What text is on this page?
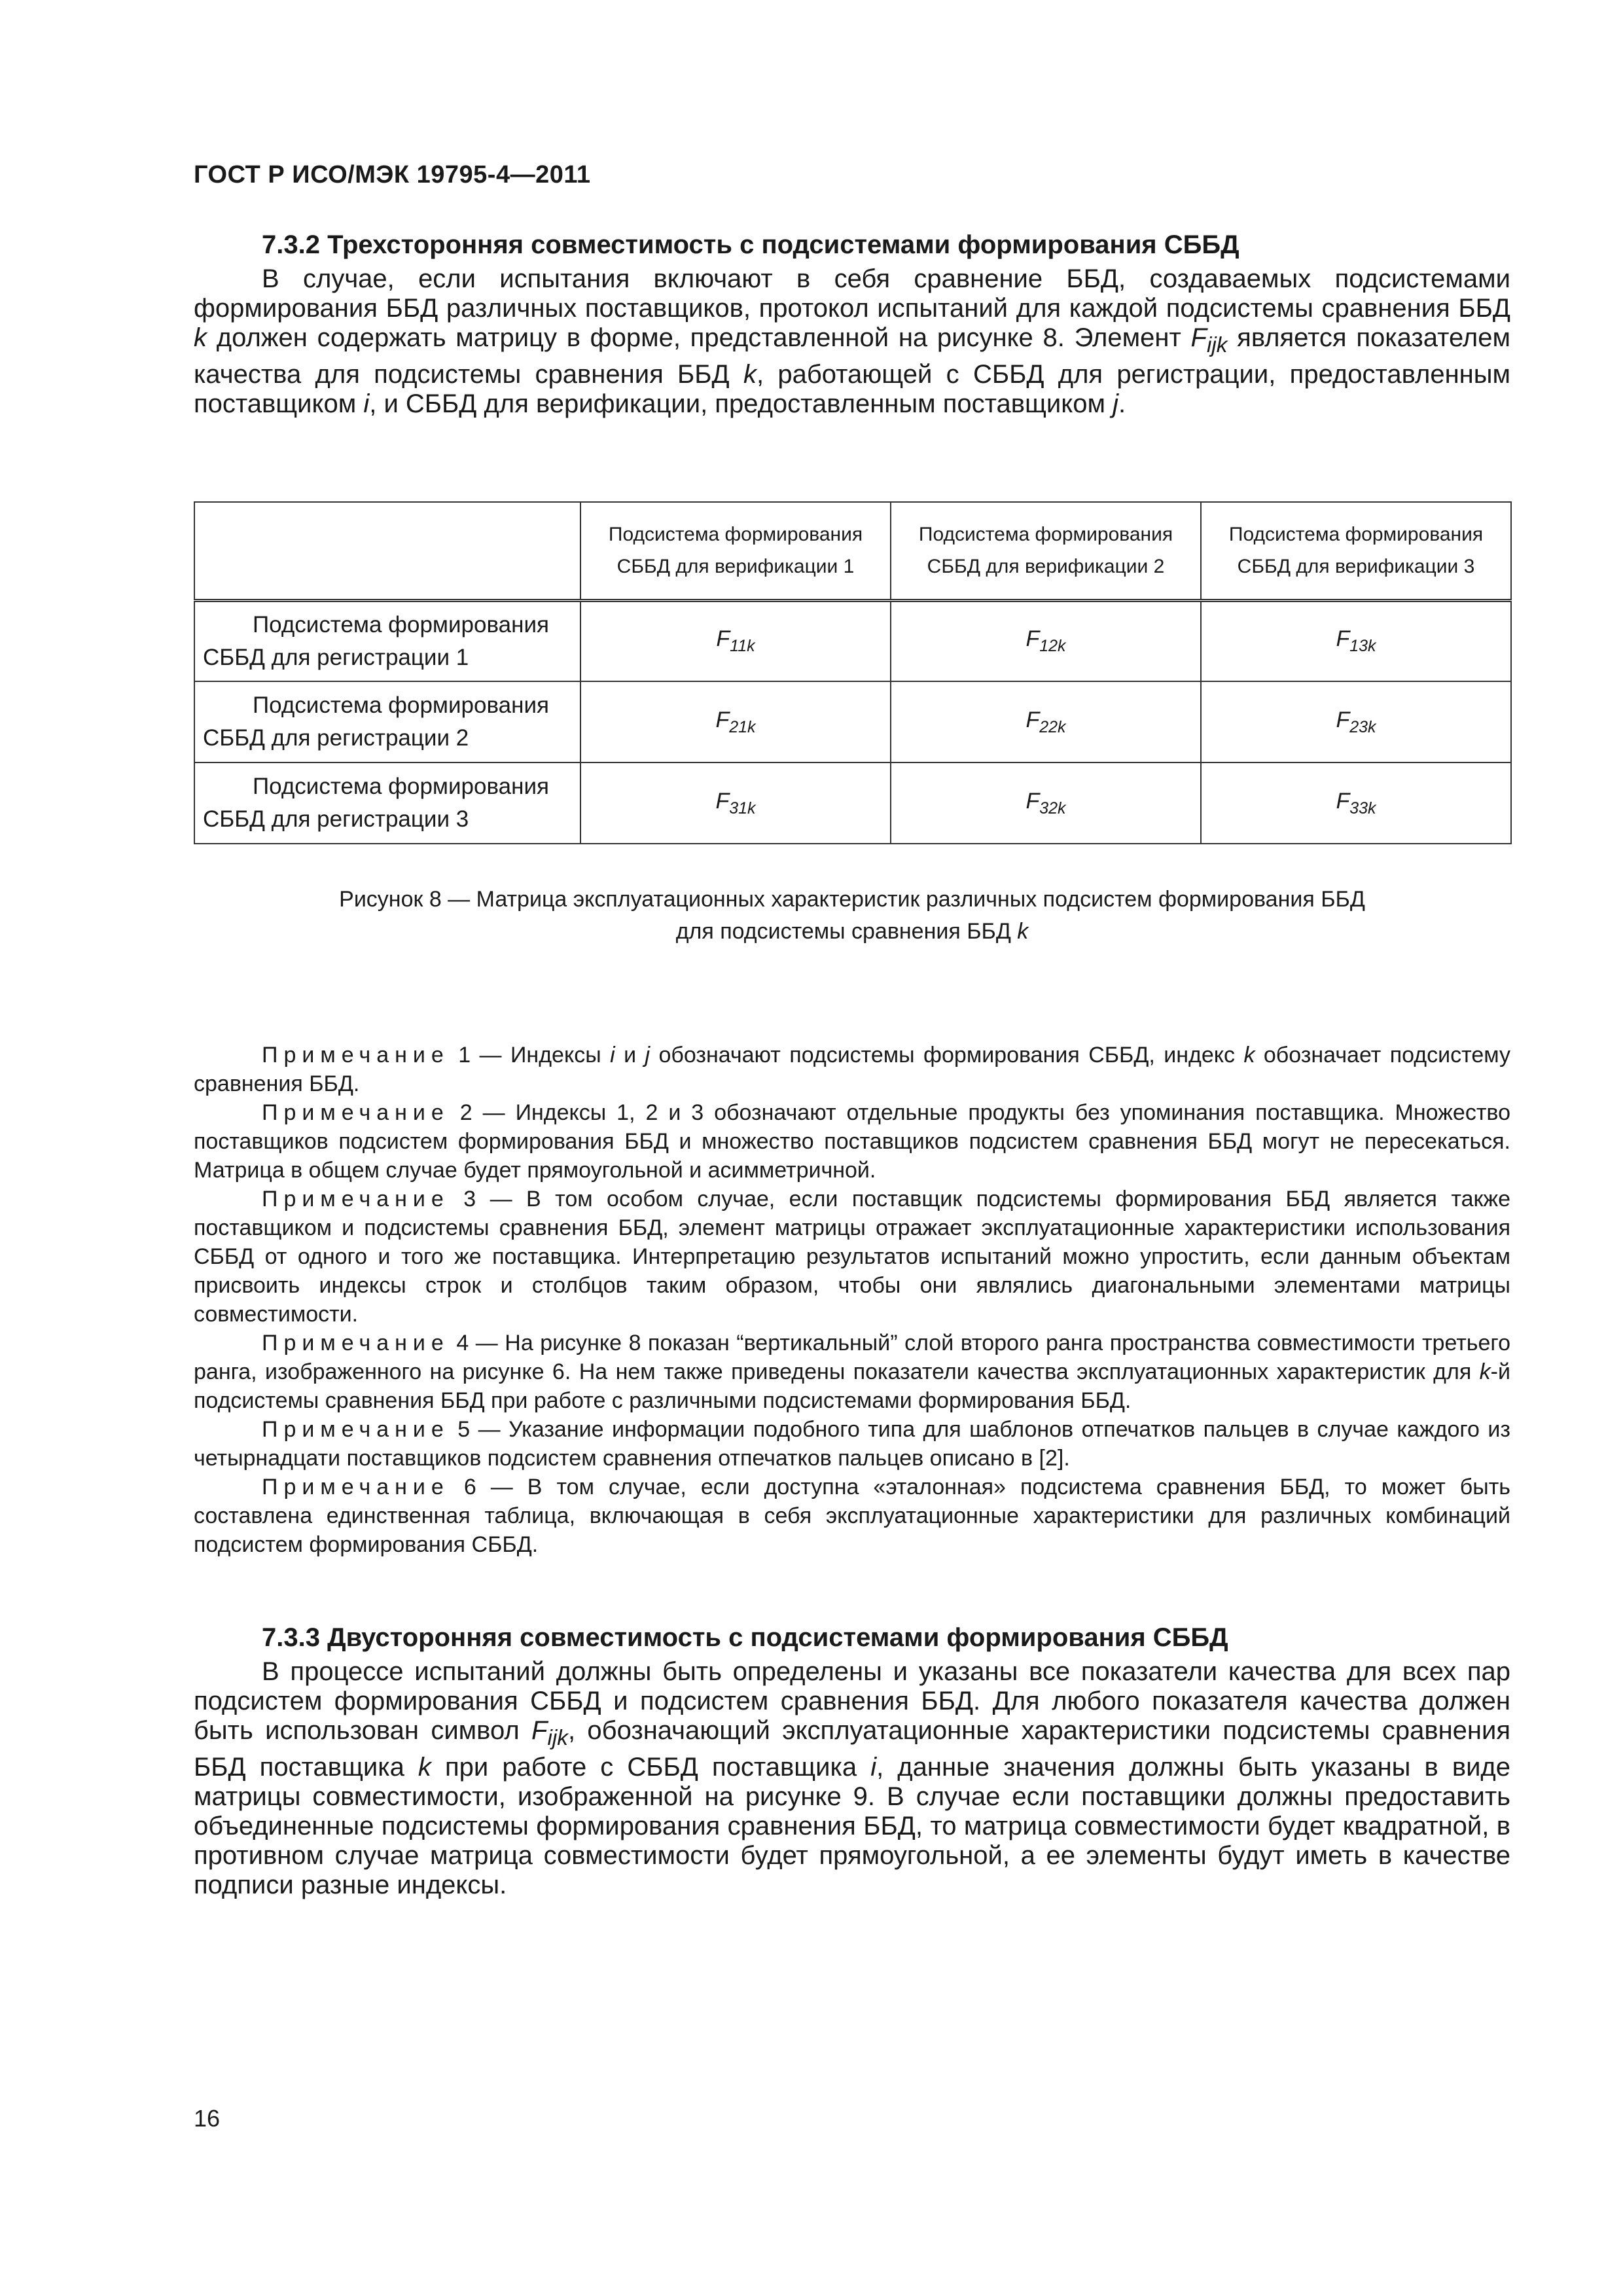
ГОСТ Р ИСО/МЭК 19795-4—2011
7.3.2 Трехсторонняя совместимость с подсистемами формирования СББД

В случае, если испытания включают в себя сравнение ББД, создаваемых подсистемами формирования ББД различных поставщиков, протокол испытаний для каждой подсистемы сравнения ББД k должен содержать матрицу в форме, представленной на рисунке 8. Элемент $F_{ijk}$ является показателем качества для подсистемы сравнения ББД k, работающей с СББД для регистрации, предоставленным поставщиком i, и СББД для верификации, предоставленным поставщиком j.

	Подсистема формирования
СББД для верификации 1	Подсистема формирования
СББД для верификации 2	Подсистема формирования
СББД для верификации 3

Подсистема формирования
СББД для регистрации 1	$F_{11k}$	$F_{12k}$	$F_{13k}$

Подсистема формирования
СББД для регистрации 2	$F_{21k}$	$F_{22k}$	$F_{23k}$

Подсистема формирования
СББД для регистрации 3	$F_{31k}$	$F_{32k}$	$F_{33k}$
Рисунок 8 — Матрица эксплуатационных характеристик различных подсистем формирования ББД
для подсистемы сравнения ББД k

Примечание 1 — Индексы i и j обозначают подсистемы формирования СББД, индекс k обозначает подсистему сравнения ББД.

Примечание 2 — Индексы 1, 2 и 3 обозначают отдельные продукты без упоминания поставщика. Множество поставщиков подсистем формирования ББД и множество поставщиков подсистем сравнения ББД могут не пересекаться. Матрица в общем случае будет прямоугольной и асимметричной.

Примечание 3 — В том особом случае, если поставщик подсистемы формирования ББД является также поставщиком и подсистемы сравнения ББД, элемент матрицы отражает эксплуатационные характеристики использования СББД от одного и того же поставщика. Интерпретацию результатов испытаний можно упростить, если данным объектам присвоить индексы строк и столбцов таким образом, чтобы они являлись диагональными элементами матрицы совместимости.

Примечание 4 — На рисунке 8 показан “вертикальный” слой второго ранга пространства совместимости третьего ранга, изображенного на рисунке 6. На нем также приведены показатели качества эксплуатационных характеристик для k-й подсистемы сравнения ББД при работе с различными подсистемами формирования ББД.

Примечание 5 — Указание информации подобного типа для шаблонов отпечатков пальцев в случае каждого из четырнадцати поставщиков подсистем сравнения отпечатков пальцев описано в [2].

Примечание 6 — В том случае, если доступна «эталонная» подсистема сравнения ББД, то может быть составлена единственная таблица, включающая в себя эксплуатационные характеристики для различных комбинаций подсистем формирования СББД.

7.3.3 Двусторонняя совместимость с подсистемами формирования СББД

В процессе испытаний должны быть определены и указаны все показатели качества для всех пар подсистем формирования СББД и подсистем сравнения ББД. Для любого показателя качества должен быть использован символ $F_{ijk}$, обозначающий эксплуатационные характеристики подсистемы сравнения ББД поставщика k при работе с СББД поставщика i, данные значения должны быть указаны в виде матрицы совместимости, изображенной на рисунке 9. В случае если поставщики должны предоставить объединенные подсистемы формирования сравнения ББД, то матрица совместимости будет квадратной, в противном случае матрица совместимости будет прямоугольной, а ее элементы будут иметь в качестве подписи разные индексы.

16
